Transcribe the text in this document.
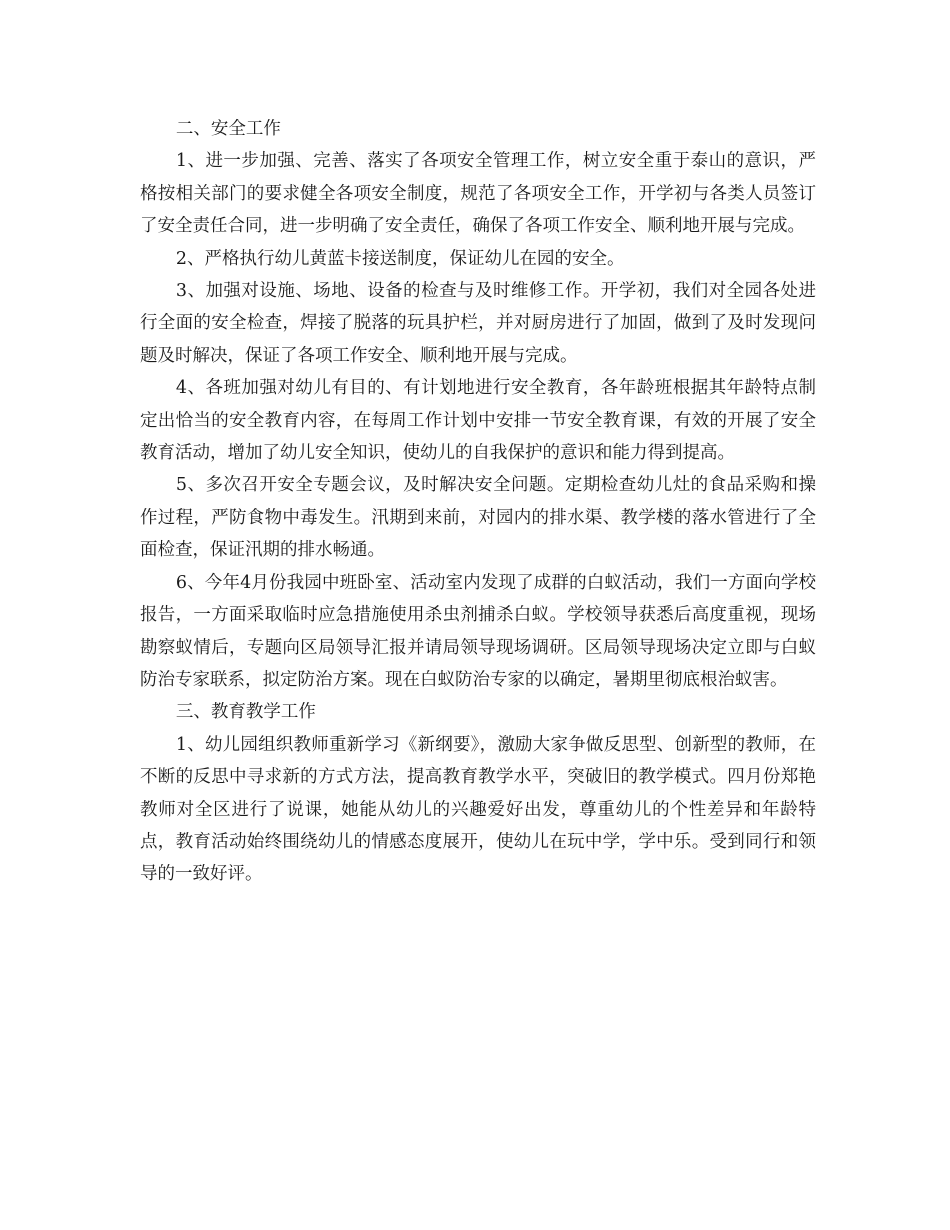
二、安全工作

1、进一步加强、完善、落实了各项安全管理工作，树立安全重于泰山的意识，严格按相关部门的要求健全各项安全制度，规范了各项安全工作，开学初与各类人员签订了安全责任合同，进一步明确了安全责任，确保了各项工作安全、顺利地开展与完成。

2、严格执行幼儿黄蓝卡接送制度，保证幼儿在园的安全。

3、加强对设施、场地、设备的检查与及时维修工作。开学初，我们对全园各处进行全面的安全检查，焊接了脱落的玩具护栏，并对厨房进行了加固，做到了及时发现问题及时解决，保证了各项工作安全、顺利地开展与完成。

4、各班加强对幼儿有目的、有计划地进行安全教育，各年龄班根据其年龄特点制定出恰当的安全教育内容，在每周工作计划中安排一节安全教育课，有效的开展了安全教育活动，增加了幼儿安全知识，使幼儿的自我保护的意识和能力得到提高。

5、多次召开安全专题会议，及时解决安全问题。定期检查幼儿灶的食品采购和操作过程，严防食物中毒发生。汛期到来前，对园内的排水渠、教学楼的落水管进行了全面检查，保证汛期的排水畅通。

6、今年4月份我园中班卧室、活动室内发现了成群的白蚁活动，我们一方面向学校报告，一方面采取临时应急措施使用杀虫剂捕杀白蚁。学校领导获悉后高度重视，现场勘察蚁情后，专题向区局领导汇报并请局领导现场调研。区局领导现场决定立即与白蚁防治专家联系，拟定防治方案。现在白蚁防治专家的以确定，暑期里彻底根治蚁害。

三、教育教学工作

1、幼儿园组织教师重新学习《新纲要》，激励大家争做反思型、创新型的教师，在不断的反思中寻求新的方式方法，提高教育教学水平，突破旧的教学模式。四月份郑艳教师对全区进行了说课，她能从幼儿的兴趣爱好出发，尊重幼儿的个性差异和年龄特点，教育活动始终围绕幼儿的情感态度展开，使幼儿在玩中学，学中乐。受到同行和领导的一致好评。
